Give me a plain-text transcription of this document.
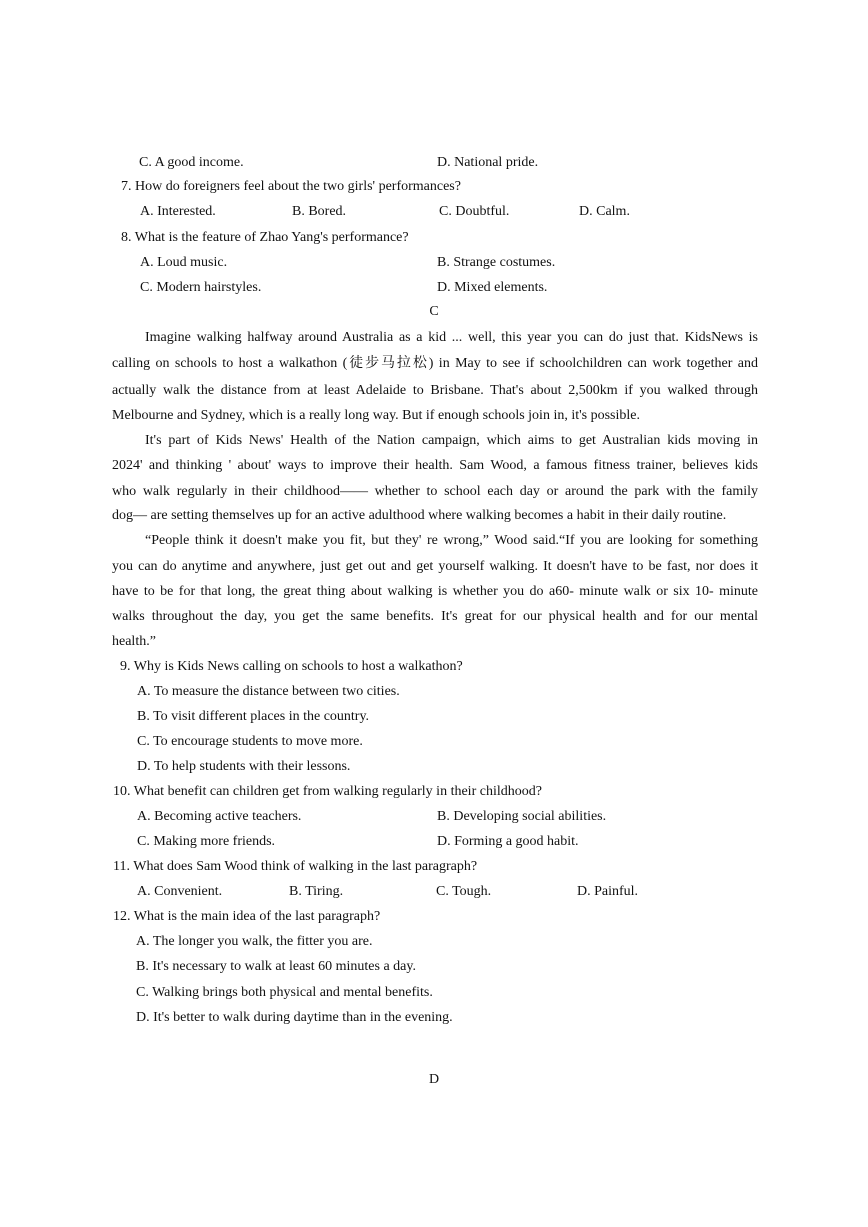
C. A good income.	D. National pride.
7. How do foreigners feel about the two girls' performances?
A. Interested.	B. Bored.	C. Doubtful.	D. Calm.
8. What is the feature of Zhao Yang's performance?
A. Loud music.	B. Strange costumes.
C. Modern hairstyles.	D. Mixed elements.
C
Imagine walking halfway around Australia as a kid ... well, this year you can do just that. KidsNews is
calling on schools to host a walkathon (徒步马拉松) in May to see if schoolchildren can work together and
actually walk the distance from at least Adelaide to Brisbane. That's about 2,500km if you walked through
Melbourne and Sydney, which is a really long way. But if enough schools join in, it's possible.
It's part of Kids News' Health of the Nation campaign, which aims to get Australian kids moving in
2024' and thinking ' about' ways to improve their health. Sam Wood, a famous fitness trainer, believes kids
who walk regularly in their childhood—— whether to school each day or around the park with the family
dog— are setting themselves up for an active adulthood where walking becomes a habit in their daily routine.
“People think it doesn't make you fit, but they' re wrong,” Wood said.“If you are looking for something
you can do anytime and anywhere, just get out and get yourself walking. It doesn't have to be fast, nor does it
have to be for that long, the great thing about walking is whether you do a60- minute walk or six 10- minute
walks throughout the day, you get the same benefits. It's great for our physical health and for our mental
health.”
9. Why is Kids News calling on schools to host a walkathon?
A. To measure the distance between two cities.
B. To visit different places in the country.
C. To encourage students to move more.
D. To help students with their lessons.
10. What benefit can children get from walking regularly in their childhood?
A. Becoming active teachers.	B. Developing social abilities.
C. Making more friends.	D. Forming a good habit.
11. What does Sam Wood think of walking in the last paragraph?
A. Convenient.	B. Tiring.	C. Tough.	D. Painful.
12. What is the main idea of the last paragraph?
A. The longer you walk, the fitter you are.
B. It's necessary to walk at least 60 minutes a day.
C. Walking brings both physical and mental benefits.
D. It's better to walk during daytime than in the evening.
D
